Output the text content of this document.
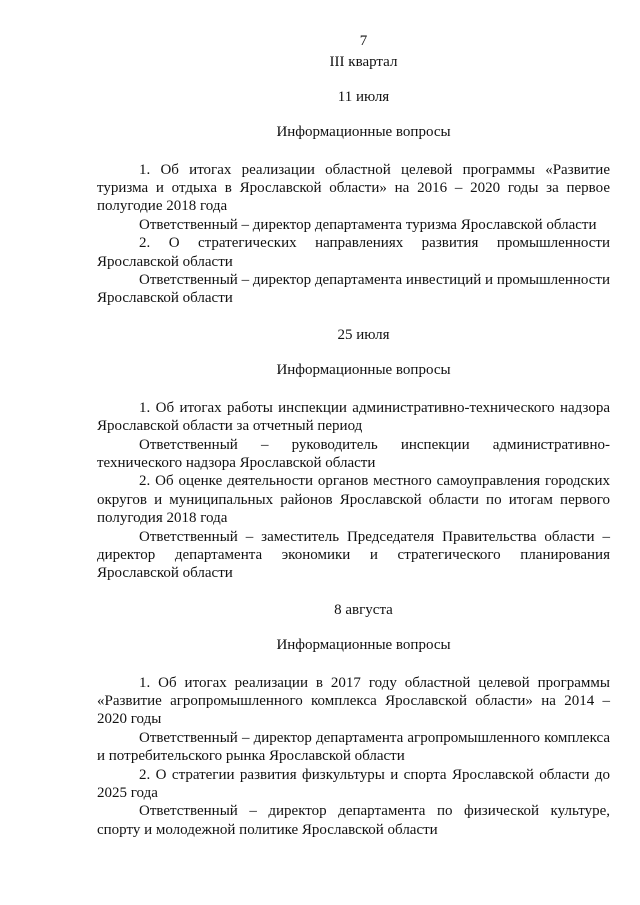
7
III квартал
11 июля
Информационные вопросы

1. Об итогах реализации областной целевой программы «Развитие туризма и отдыха в Ярославской области» на 2016 – 2020 годы за первое полугодие 2018 года

Ответственный – директор департамента туризма Ярославской области

2. О стратегических направлениях развития промышленности Ярославской области

Ответственный – директор департамента инвестиций и промышленности Ярославской области

25 июля
Информационные вопросы

1. Об итогах работы инспекции административно-технического надзора Ярославской области за отчетный период

Ответственный – руководитель инспекции административно-технического надзора Ярославской области

2. Об оценке деятельности органов местного самоуправления городских округов и муниципальных районов Ярославской области по итогам первого полугодия 2018 года

Ответственный – заместитель Председателя Правительства области – директор департамента экономики и стратегического планирования Ярославской области

8 августа
Информационные вопросы

1. Об итогах реализации в 2017 году областной целевой программы «Развитие агропромышленного комплекса Ярославской области» на 2014 – 2020 годы

Ответственный – директор департамента агропромышленного комплекса и потребительского рынка Ярославской области

2. О стратегии развития физкультуры и спорта Ярославской области до 2025 года

Ответственный – директор департамента по физической культуре, спорту и молодежной политике Ярославской области
